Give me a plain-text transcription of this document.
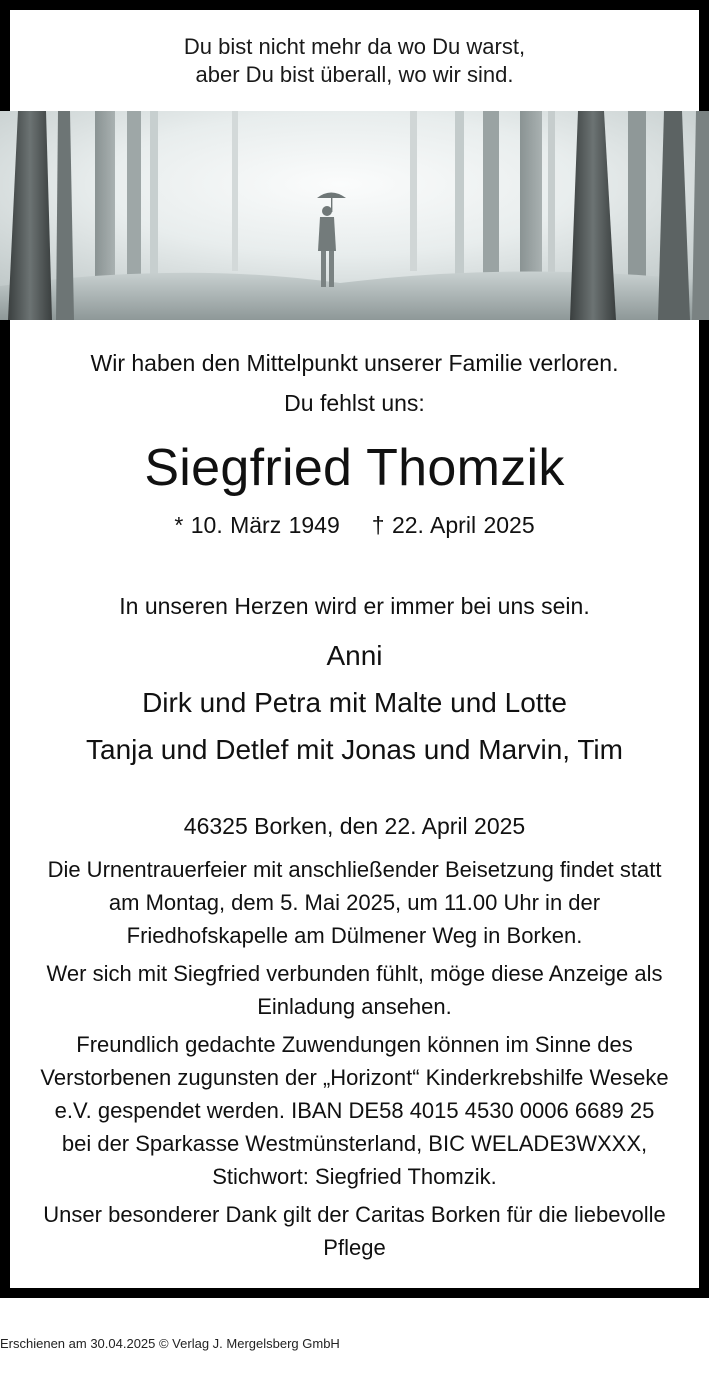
Du bist nicht mehr da wo Du warst,
aber Du bist überall, wo wir sind.

Wir haben den Mittelpunkt unserer Familie verloren.

Du fehlst uns:

Siegfried Thomzik
* 10. März 1949 † 22. April 2025
In unseren Herzen wird er immer bei uns sein.

Anni

Dirk und Petra mit Malte und Lotte

Tanja und Detlef mit Jonas und Marvin, Tim

46325 Borken, den 22. April 2025

Die Urnentrauerfeier mit anschließender Beisetzung findet statt am Montag, dem 5. Mai 2025, um 11.00 Uhr in der Friedhofskapelle am Dülmener Weg in Borken.

Wer sich mit Siegfried verbunden fühlt, möge diese Anzeige als Einladung ansehen.

Freundlich gedachte Zuwendungen können im Sinne des Verstorbenen zugunsten der „Horizont“ Kinderkrebshilfe Weseke e.V. gespendet werden. IBAN DE58 4015 4530 0006 6689 25 bei der Sparkasse Westmünsterland, BIC WELADE3WXXX, Stichwort: Siegfried Thomzik.

Unser besonderer Dank gilt der Caritas Borken für die liebevolle Pflege

Erschienen am 30.04.2025 © Verlag J. Mergelsberg GmbH
